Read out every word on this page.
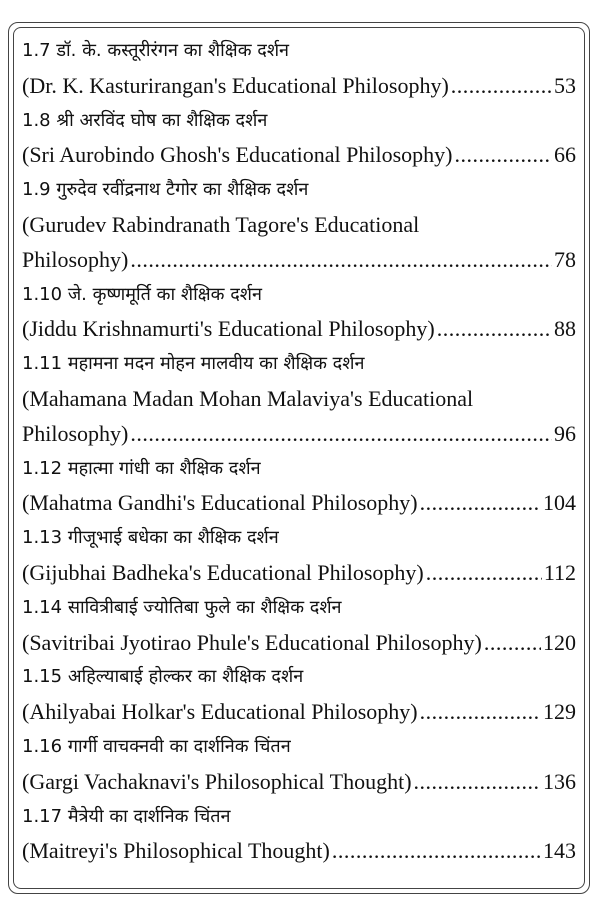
1.7 डॉ. के. कस्तूरीरंगन का शैक्षिक दर्शन
(Dr. K. Kasturirangan's Educational Philosophy) .....	53
1.8 श्री अरविंद घोष का शैक्षिक दर्शन
(Sri Aurobindo Ghosh's Educational Philosophy) .....	66
1.9 गुरुदेव रवींद्रनाथ टैगोर का शैक्षिक दर्शन
(Gurudev Rabindranath Tagore's Educational
Philosophy) .....	78
1.10 जे. कृष्णमूर्ति का शैक्षिक दर्शन
(Jiddu Krishnamurti's Educational Philosophy) .....	88
1.11 महामना मदन मोहन मालवीय का शैक्षिक दर्शन
(Mahamana Madan Mohan Malaviya's Educational
Philosophy) .....	96
1.12 महात्मा गांधी का शैक्षिक दर्शन
(Mahatma Gandhi's Educational Philosophy) .....	104
1.13 गीजूभाई बधेका का शैक्षिक दर्शन
(Gijubhai Badheka's Educational Philosophy) .....	112
1.14 सावित्रीबाई ज्योतिबा फुले का शैक्षिक दर्शन
(Savitribai Jyotirao Phule's Educational Philosophy) .....	120
1.15 अहिल्याबाई होल्कर का शैक्षिक दर्शन
(Ahilyabai Holkar's Educational Philosophy) .....	129
1.16 गार्गी वाचक्नवी का दार्शनिक चिंतन
(Gargi Vachaknavi's Philosophical Thought) .....	136
1.17 मैत्रेयी का दार्शनिक चिंतन
(Maitreyi's Philosophical Thought) .....	143
